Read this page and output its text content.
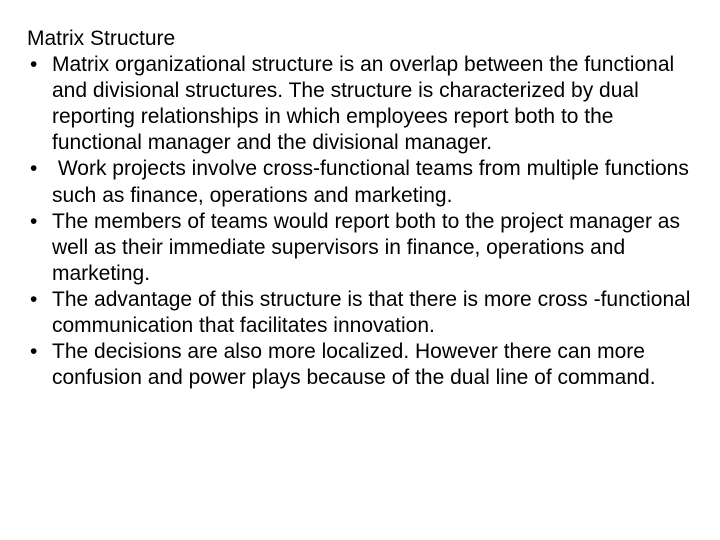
Matrix Structure
• Matrix organizational structure is an overlap between the functional and divisional structures. The structure is characterized by dual reporting relationships in which employees report both to the functional manager and the divisional manager.
• Work projects involve cross-functional teams from multiple functions such as finance, operations and marketing.
• The members of teams would report both to the project manager as well as their immediate supervisors in finance, operations and marketing.
• The advantage of this structure is that there is more cross -functional communication that facilitates innovation.
• The decisions are also more localized. However there can more confusion and power plays because of the dual line of command.
